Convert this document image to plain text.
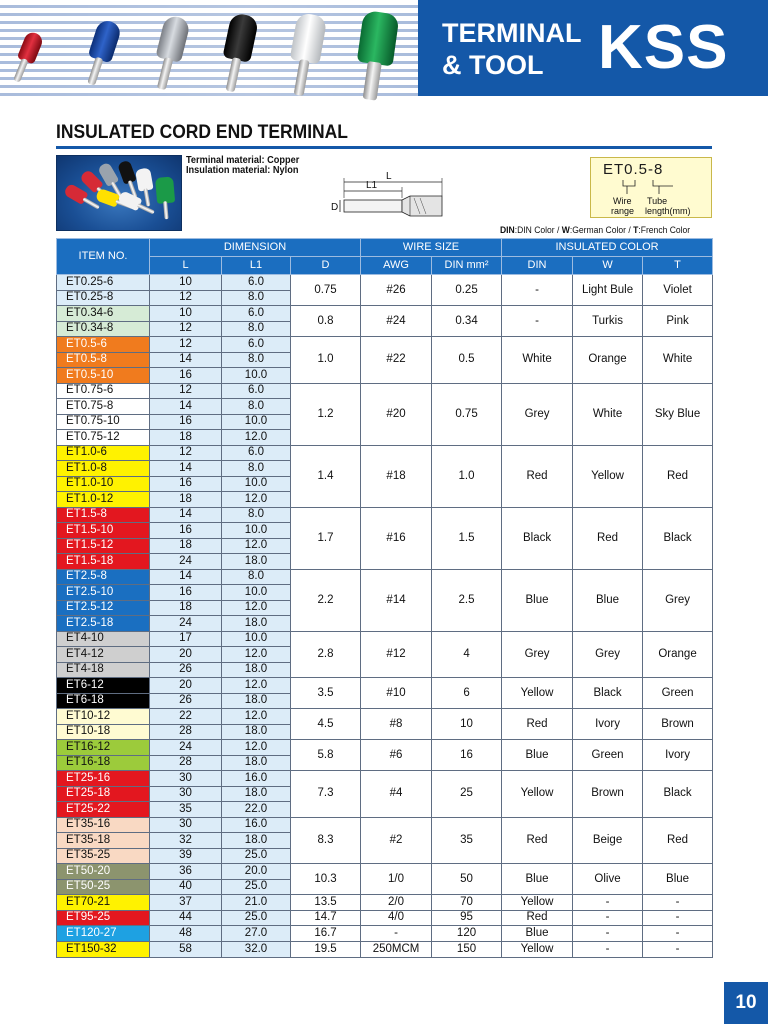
TERMINAL
& TOOL KSS
INSULATED CORD END TERMINAL
Terminal material: Copper
Insulation material: Nylon
L
L1
D
ET0.5-8
Wire
range
Tube
length(mm)
DIN:DIN Color / W:German Color / T:French Color
ITEM NO.	DIMENSION			WIRE SIZE		INSULATED COLOR		
	L	L1	D	AWG	DIN mm²	DIN	W	T
ET0.25-6	10	6.0	0.75	#26	0.25	-	Light Bule	Violet
ET0.25-8	12	8.0						
ET0.34-6	10	6.0	0.8	#24	0.34	-	Turkis	Pink
ET0.34-8	12	8.0						
ET0.5-6	12	6.0	1.0	#22	0.5	White	Orange	White
ET0.5-8	14	8.0						
ET0.5-10	16	10.0						
ET0.75-6	12	6.0	1.2	#20	0.75	Grey	White	Sky Blue
ET0.75-8	14	8.0						
ET0.75-10	16	10.0						
ET0.75-12	18	12.0						
ET1.0-6	12	6.0	1.4	#18	1.0	Red	Yellow	Red
ET1.0-8	14	8.0						
ET1.0-10	16	10.0						
ET1.0-12	18	12.0						
ET1.5-8	14	8.0	1.7	#16	1.5	Black	Red	Black
ET1.5-10	16	10.0						
ET1.5-12	18	12.0						
ET1.5-18	24	18.0						
ET2.5-8	14	8.0	2.2	#14	2.5	Blue	Blue	Grey
ET2.5-10	16	10.0						
ET2.5-12	18	12.0						
ET2.5-18	24	18.0						
ET4-10	17	10.0	2.8	#12	4	Grey	Grey	Orange
ET4-12	20	12.0						
ET4-18	26	18.0						
ET6-12	20	12.0	3.5	#10	6	Yellow	Black	Green
ET6-18	26	18.0						
ET10-12	22	12.0	4.5	#8	10	Red	Ivory	Brown
ET10-18	28	18.0						
ET16-12	24	12.0	5.8	#6	16	Blue	Green	Ivory
ET16-18	28	18.0						
ET25-16	30	16.0	7.3	#4	25	Yellow	Brown	Black
ET25-18	30	18.0						
ET25-22	35	22.0						
ET35-16	30	16.0	8.3	#2	35	Red	Beige	Red
ET35-18	32	18.0						
ET35-25	39	25.0						
ET50-20	36	20.0	10.3	1/0	50	Blue	Olive	Blue
ET50-25	40	25.0						
ET70-21	37	21.0	13.5	2/0	70	Yellow	-	-
ET95-25	44	25.0	14.7	4/0	95	Red	-	-
ET120-27	48	27.0	16.7	-	120	Blue	-	-
ET150-32	58	32.0	19.5	250MCM	150	Yellow	-	-
10
